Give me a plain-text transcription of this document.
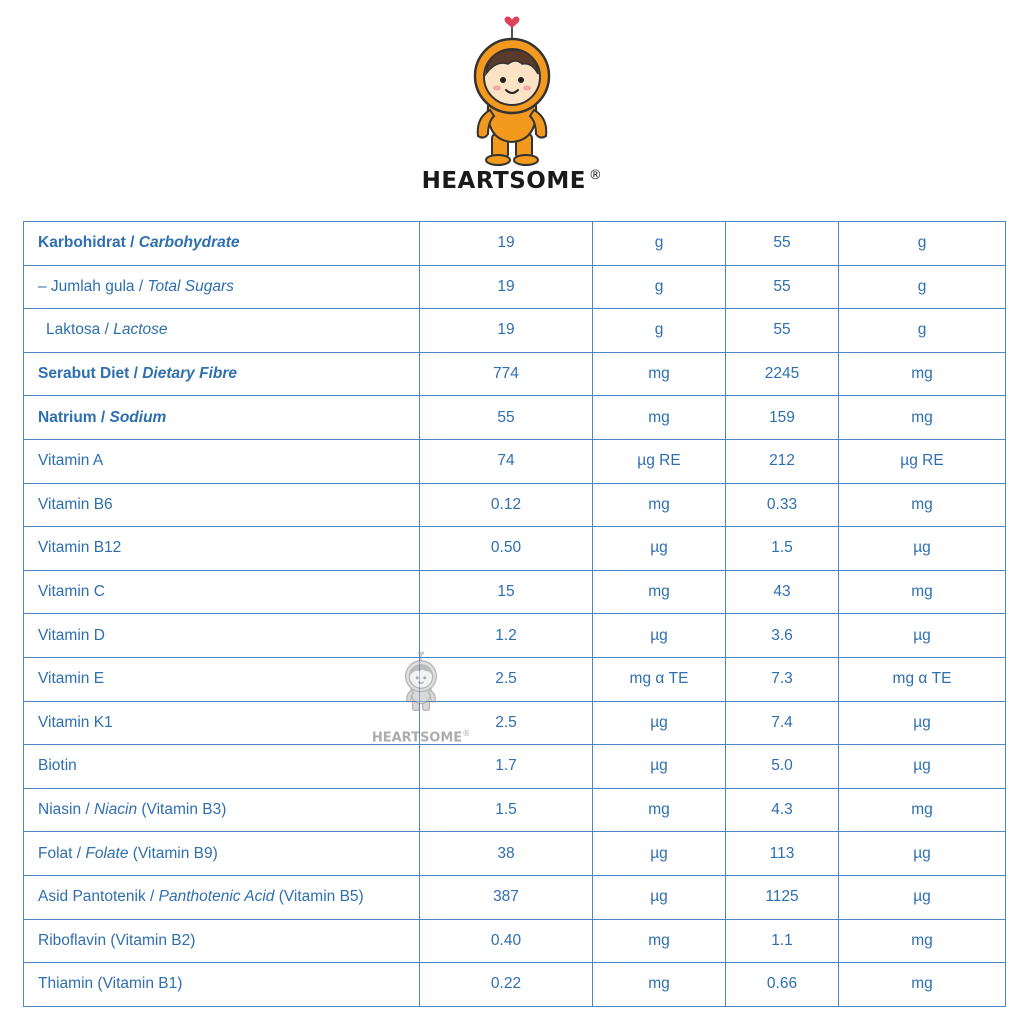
HEARTSOME ®
Karbohidrat / Carbohydrate	19	g	55	g
– Jumlah gula / Total Sugars	19	g	55	g
Laktosa / Lactose	19	g	55	g
Serabut Diet / Dietary Fibre	774	mg	2245	mg
Natrium / Sodium	55	mg	159	mg
Vitamin A	74	µg RE	212	µg RE
Vitamin B6	0.12	mg	0.33	mg
Vitamin B12	0.50	µg	1.5	µg
Vitamin C	15	mg	43	mg
Vitamin D	1.2	µg	3.6	µg
Vitamin E	2.5	mg α TE	7.3	mg α TE
Vitamin K1	2.5	µg	7.4	µg
Biotin	1.7	µg	5.0	µg
Niasin / Niacin (Vitamin B3)	1.5	mg	4.3	mg
Folat / Folate (Vitamin B9)	38	µg	113	µg
Asid Pantotenik / Panthotenic Acid (Vitamin B5)	387	µg	1125	µg
Riboflavin (Vitamin B2)	0.40	mg	1.1	mg
Thiamin (Vitamin B1)	0.22	mg	0.66	mg
HEARTSOME®
